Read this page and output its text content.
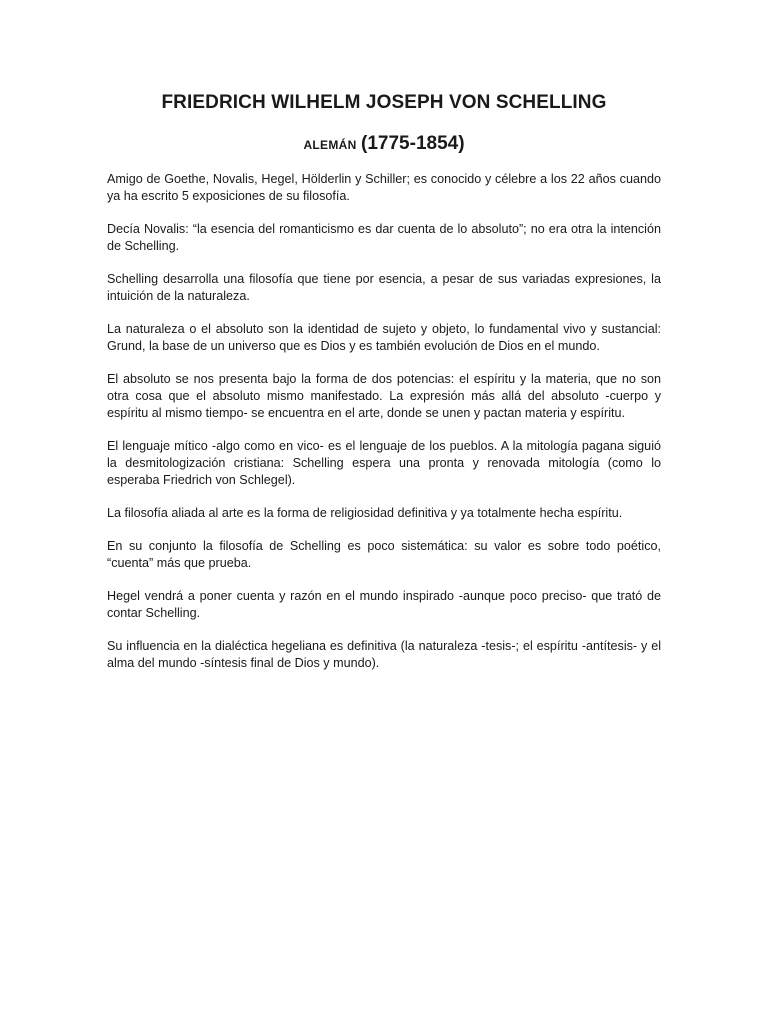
FRIEDRICH WILHELM JOSEPH VON SCHELLING
ALEMÁN (1775-1854)

Amigo de Goethe, Novalis, Hegel, Hölderlin y Schiller; es conocido y célebre a los 22 años cuando ya ha escrito 5 exposiciones de su filosofía.

Decía Novalis: “la esencia del romanticismo es dar cuenta de lo absoluto”; no era otra la intención de Schelling.

Schelling desarrolla una filosofía que tiene por esencia, a pesar de sus variadas expresiones, la intuición de la naturaleza.

La naturaleza o el absoluto son la identidad de sujeto y objeto, lo fundamental vivo y sustancial: Grund, la base de un universo que es Dios y es también evolución de Dios en el mundo.

El absoluto se nos presenta bajo la forma de dos potencias: el espíritu y la materia, que no son otra cosa que el absoluto mismo manifestado. La expresión más allá del absoluto -cuerpo y espíritu al mismo tiempo- se encuentra en el arte, donde se unen y pactan materia y espíritu.

El lenguaje mítico -algo como en vico- es el lenguaje de los pueblos. A la mitología pagana siguió la desmitologización cristiana: Schelling espera una pronta y renovada mitología (como lo esperaba Friedrich von Schlegel).

La filosofía aliada al arte es la forma de religiosidad definitiva y ya totalmente hecha espíritu.

En su conjunto la filosofía de Schelling es poco sistemática: su valor es sobre todo poético, “cuenta” más que prueba.

Hegel vendrá a poner cuenta y razón en el mundo inspirado -aunque poco preciso- que trató de contar Schelling.

Su influencia en la dialéctica hegeliana es definitiva (la naturaleza -tesis-; el espíritu -antítesis- y el alma del mundo -síntesis final de Dios y mundo).
